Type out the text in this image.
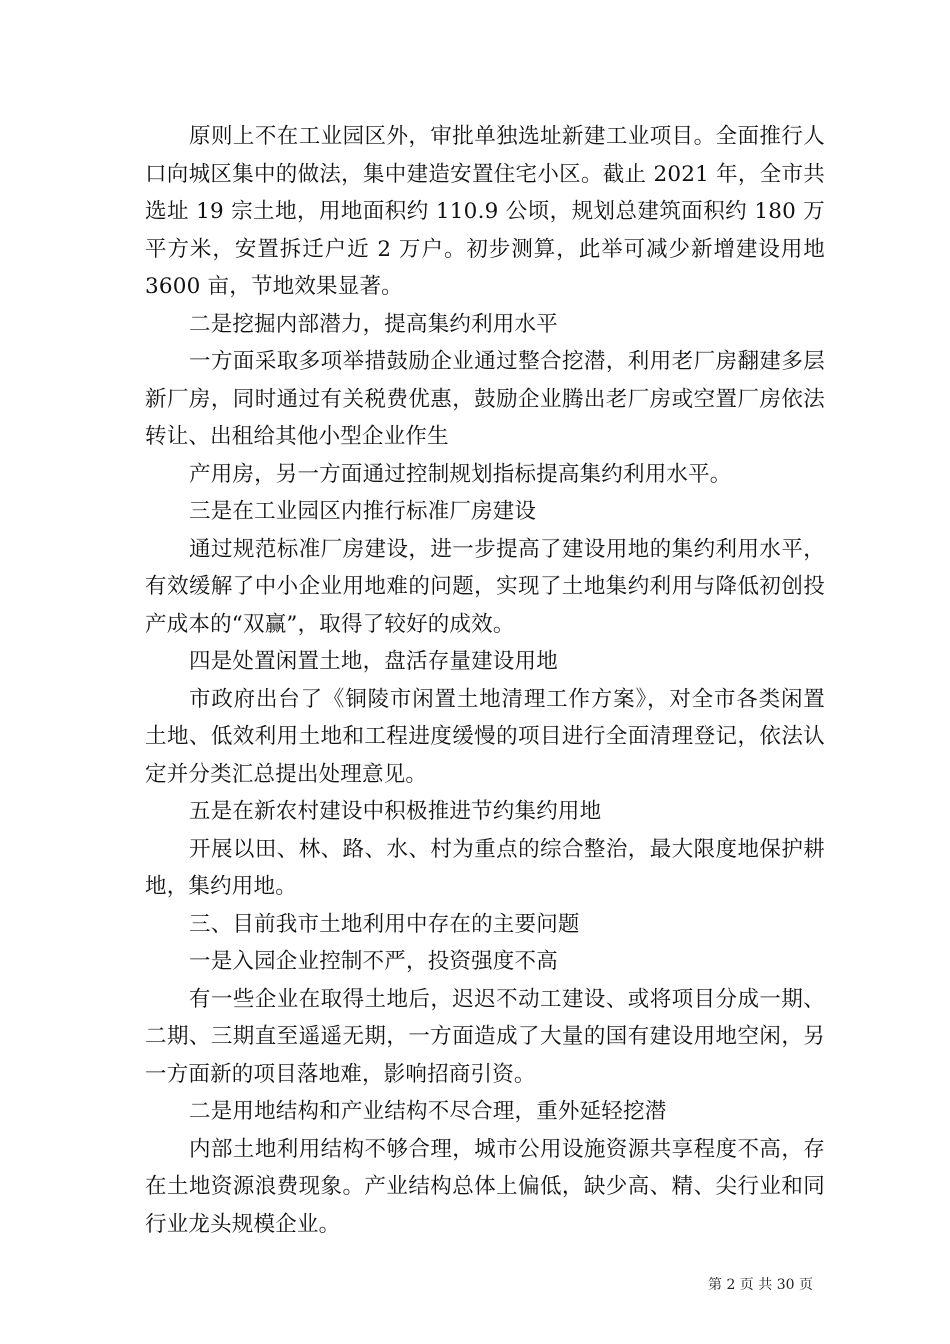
原则上不在工业园区外，审批单独选址新建工业项目。全面推行人口向城区集中的做法，集中建造安置住宅小区。截止 2021 年，全市共选址 19 宗土地，用地面积约 110.9 公顷，规划总建筑面积约 180 万平方米，安置拆迁户近 2 万户。初步测算，此举可减少新增建设用地 3600 亩，节地效果显著。

二是挖掘内部潜力，提高集约利用水平

一方面采取多项举措鼓励企业通过整合挖潜，利用老厂房翻建多层新厂房，同时通过有关税费优惠，鼓励企业腾出老厂房或空置厂房依法转让、出租给其他小型企业作生

产用房，另一方面通过控制规划指标提高集约利用水平。

三是在工业园区内推行标准厂房建设

通过规范标准厂房建设，进一步提高了建设用地的集约利用水平，有效缓解了中小企业用地难的问题，实现了土地集约利用与降低初创投产成本的“双赢”，取得了较好的成效。

四是处置闲置土地，盘活存量建设用地

市政府出台了《铜陵市闲置土地清理工作方案》，对全市各类闲置土地、低效利用土地和工程进度缓慢的项目进行全面清理登记，依法认定并分类汇总提出处理意见。

五是在新农村建设中积极推进节约集约用地

开展以田、林、路、水、村为重点的综合整治，最大限度地保护耕地，集约用地。

三、目前我市土地利用中存在的主要问题

一是入园企业控制不严，投资强度不高

有一些企业在取得土地后，迟迟不动工建设、或将项目分成一期、二期、三期直至遥遥无期，一方面造成了大量的国有建设用地空闲，另一方面新的项目落地难，影响招商引资。

二是用地结构和产业结构不尽合理，重外延轻挖潜

内部土地利用结构不够合理，城市公用设施资源共享程度不高，存在土地资源浪费现象。产业结构总体上偏低，缺少高、精、尖行业和同行业龙头规模企业。

第 2 页 共 30 页
